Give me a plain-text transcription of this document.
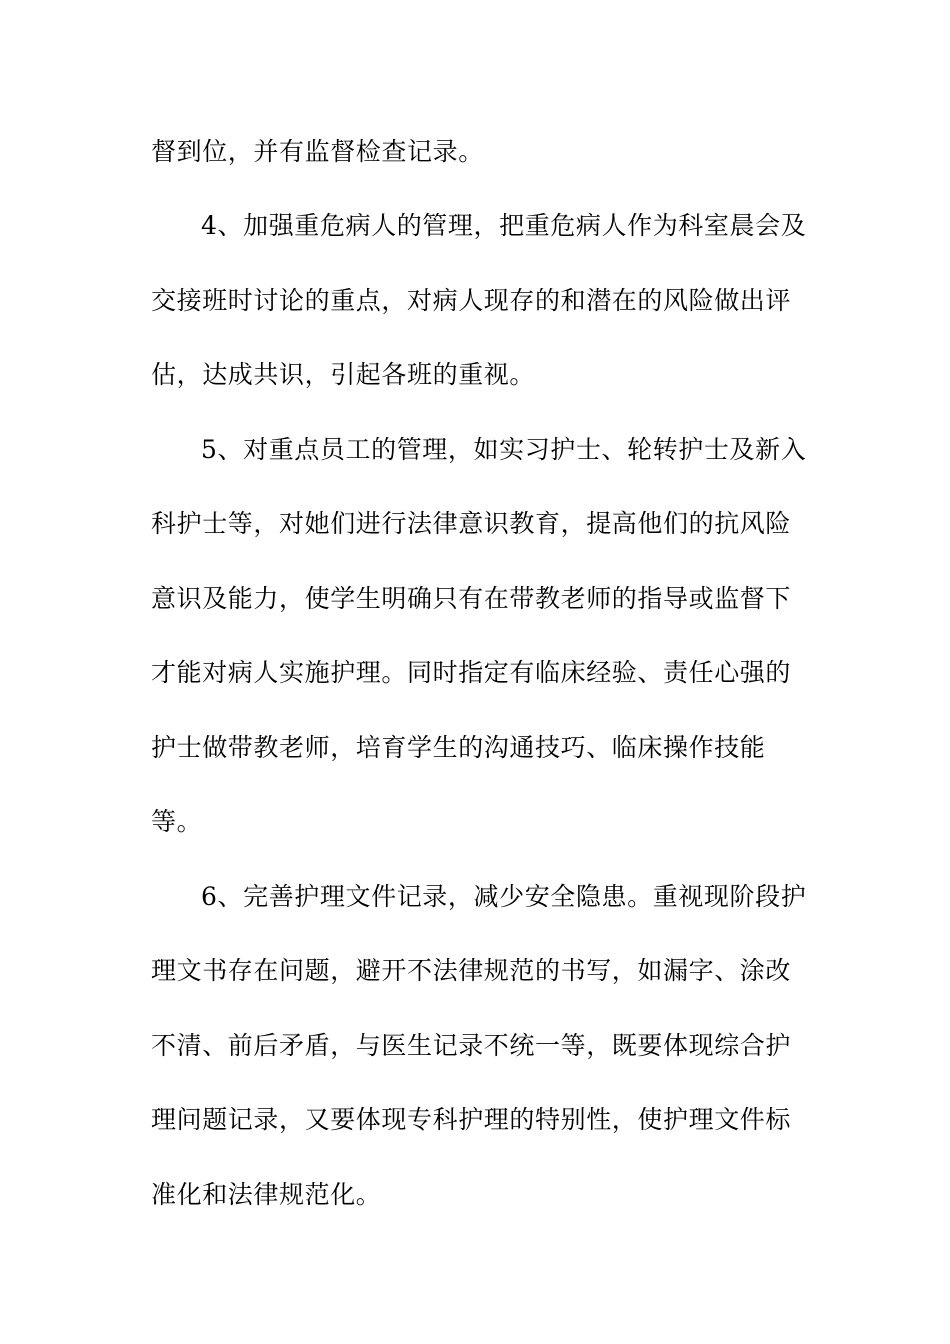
督到位，并有监督检查记录。
4、加强重危病人的管理，把重危病人作为科室晨会及
交接班时讨论的重点，对病人现存的和潜在的风险做出评
估，达成共识，引起各班的重视。
5、对重点员工的管理，如实习护士、轮转护士及新入
科护士等，对她们进行法律意识教育，提高他们的抗风险
意识及能力，使学生明确只有在带教老师的指导或监督下
才能对病人实施护理。同时指定有临床经验、责任心强的
护士做带教老师，培育学生的沟通技巧、临床操作技能
等。
6、完善护理文件记录，减少安全隐患。重视现阶段护
理文书存在问题，避开不法律规范的书写，如漏字、涂改
不清、前后矛盾，与医生记录不统一等，既要体现综合护
理问题记录，又要体现专科护理的特别性，使护理文件标
准化和法律规范化。
